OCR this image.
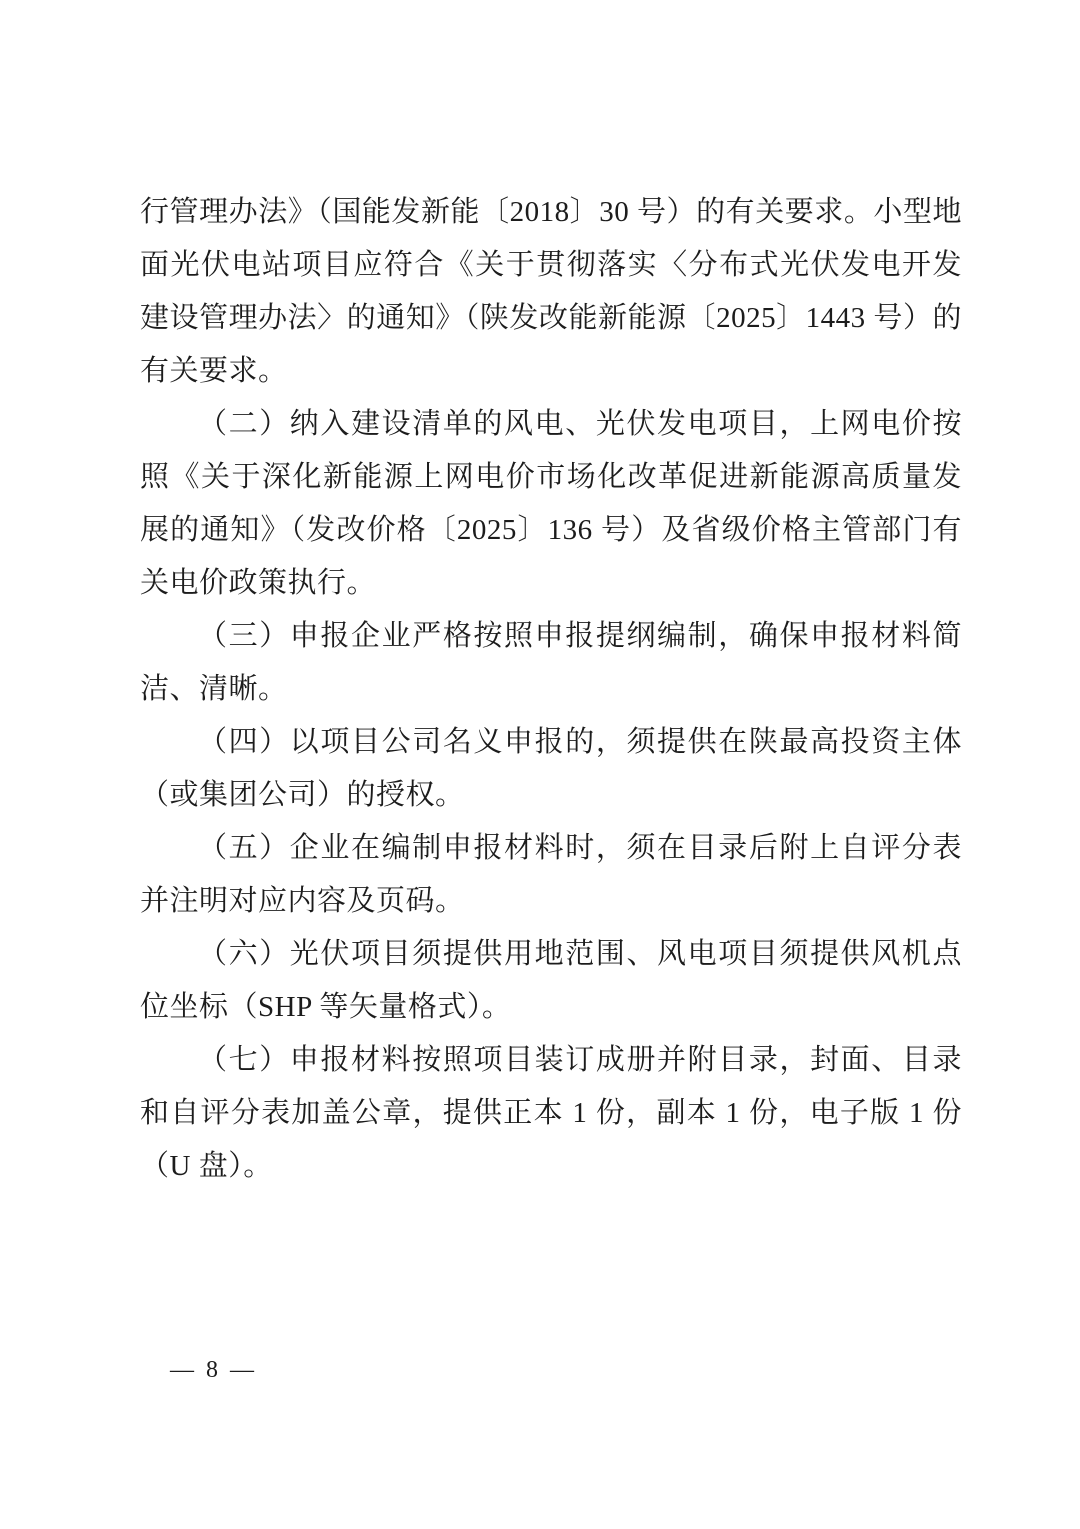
行管理办法》（国能发新能〔2018〕30 号）的有关要求。小型地面光伏电站项目应符合《关于贯彻落实〈分布式光伏发电开发建设管理办法〉的通知》（陕发改能新能源〔2025〕1443 号）的有关要求。

（二）纳入建设清单的风电、光伏发电项目，上网电价按照《关于深化新能源上网电价市场化改革促进新能源高质量发展的通知》（发改价格〔2025〕136 号）及省级价格主管部门有关电价政策执行。

（三）申报企业严格按照申报提纲编制，确保申报材料简洁、清晰。

（四）以项目公司名义申报的，须提供在陕最高投资主体（或集团公司）的授权。

（五）企业在编制申报材料时，须在目录后附上自评分表并注明对应内容及页码。

（六）光伏项目须提供用地范围、风电项目须提供风机点位坐标（SHP 等矢量格式）。

（七）申报材料按照项目装订成册并附目录，封面、目录和自评分表加盖公章，提供正本 1 份，副本 1 份，电子版 1 份（U 盘）。

— 8 —
